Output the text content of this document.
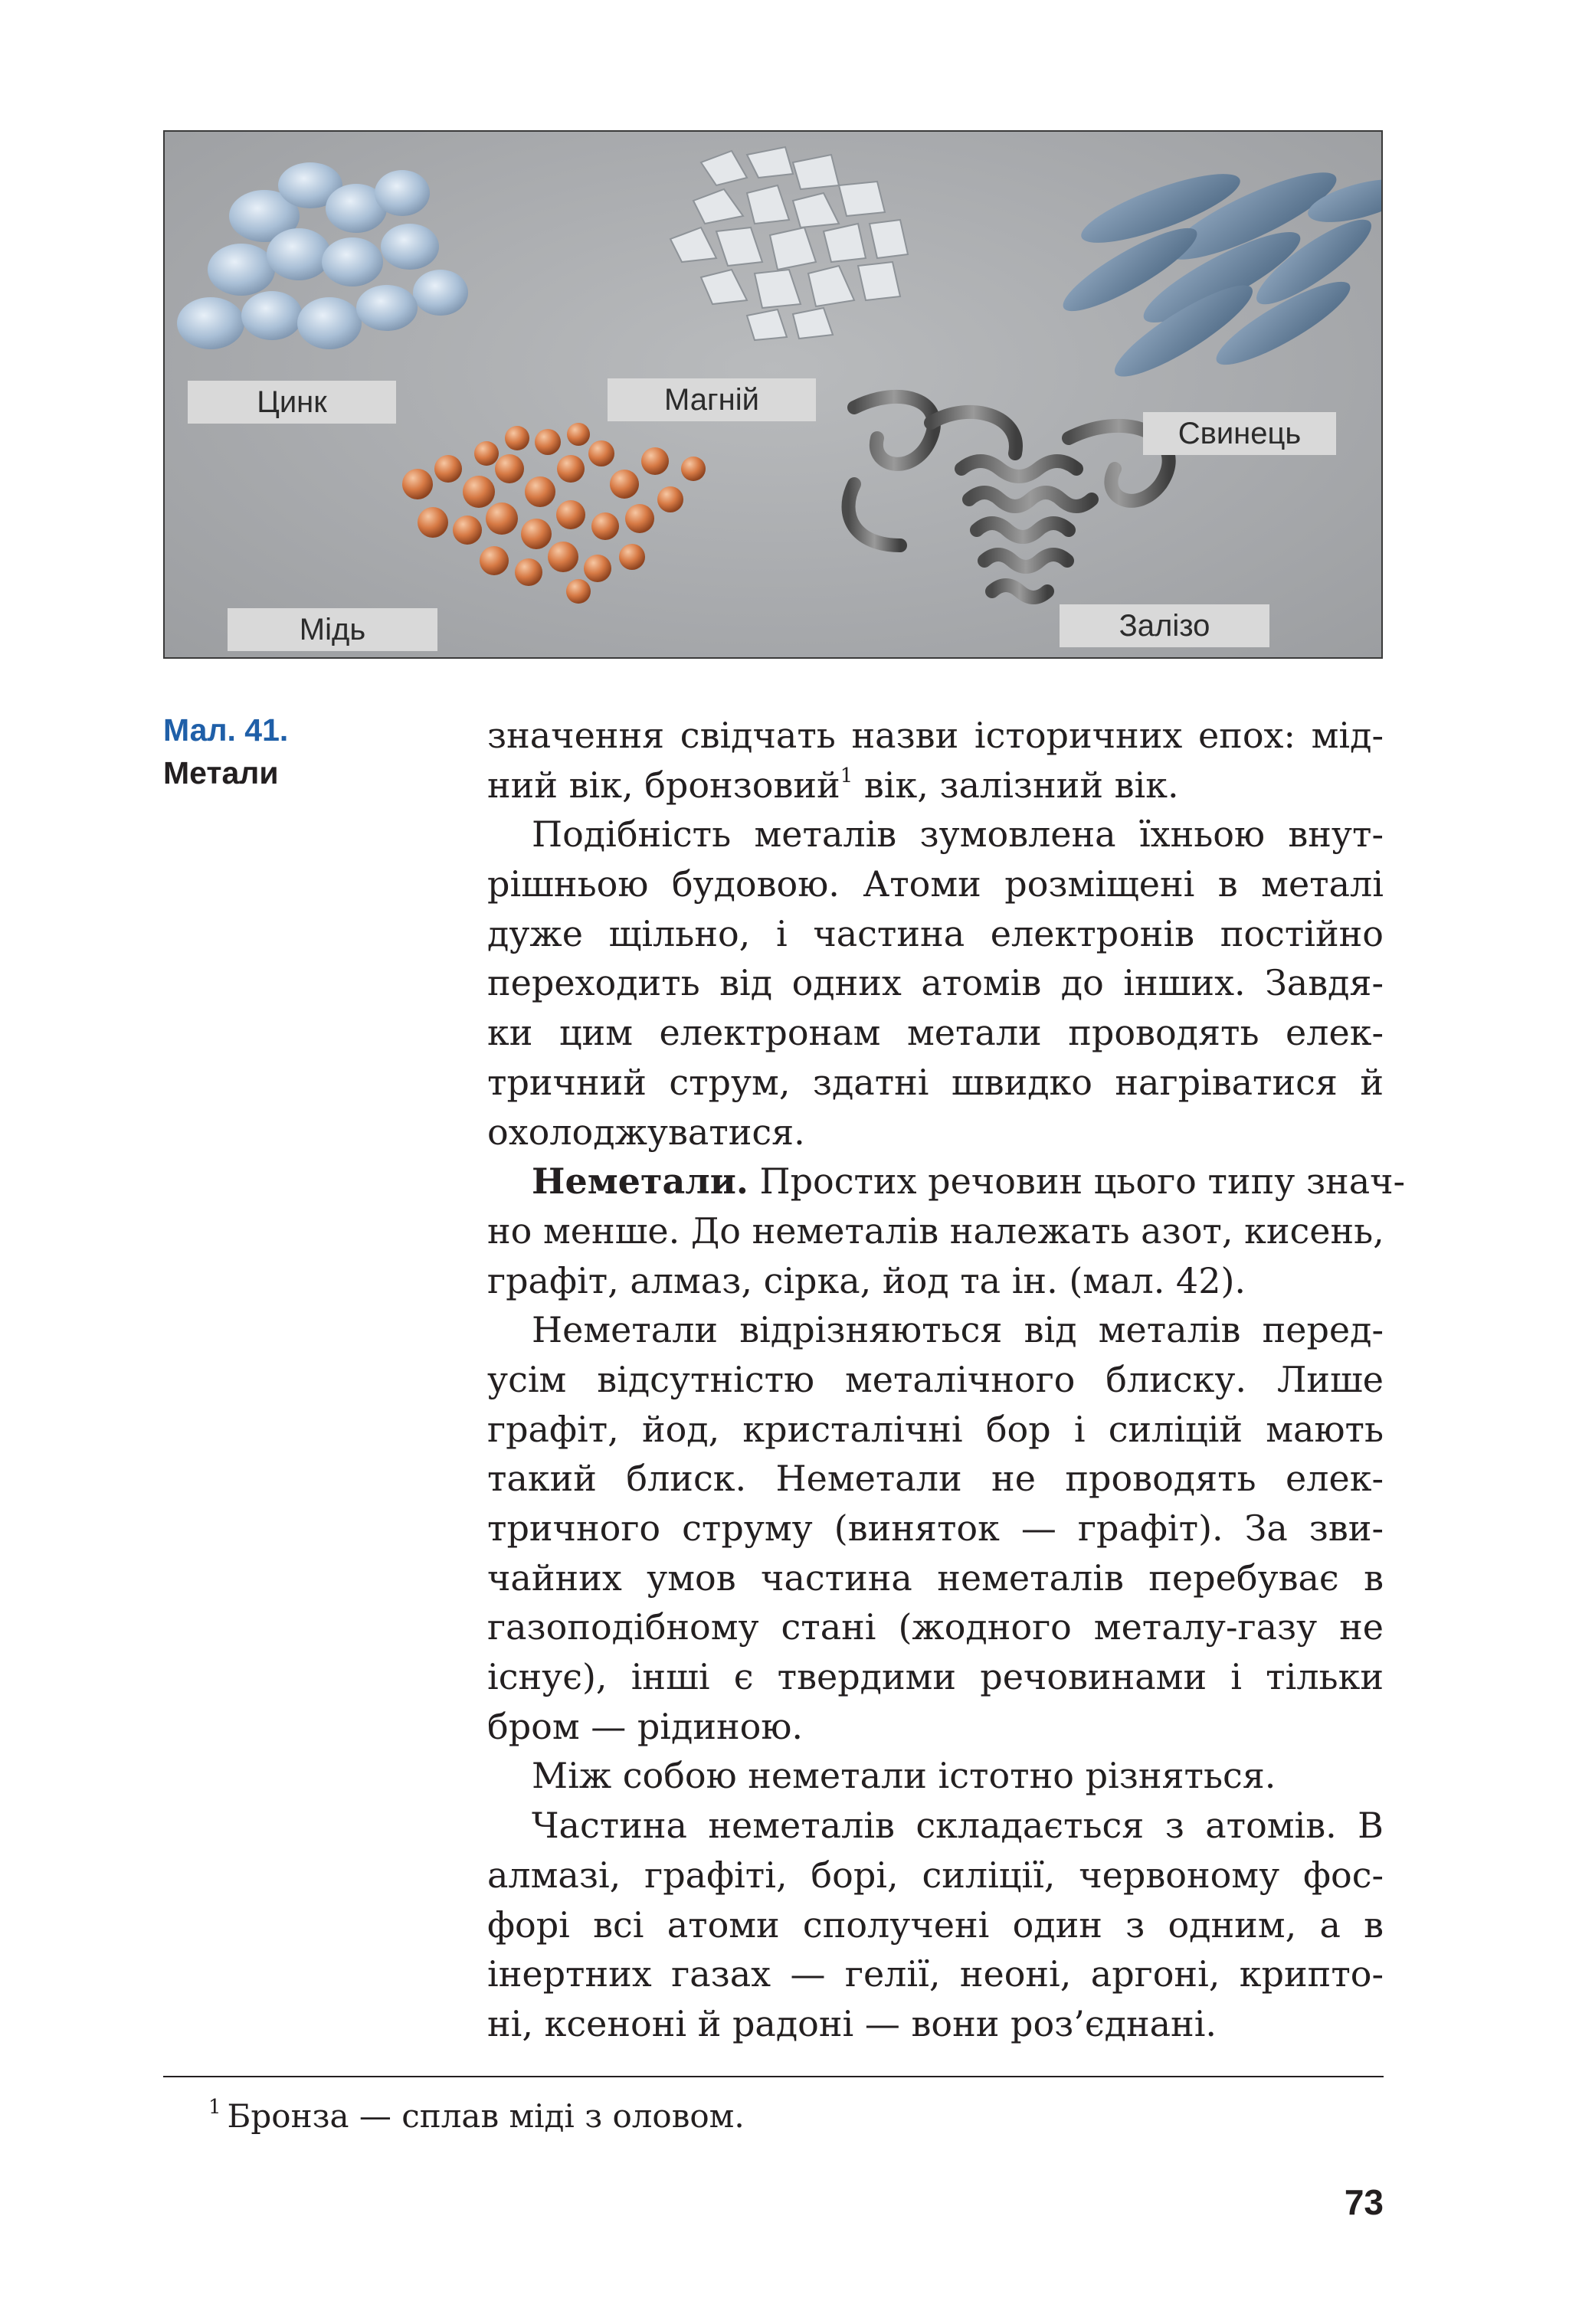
Цинк	Магній
Свинець
Мідь	Залізо
Мал. 41.
Метали
значення свідчать назви історичних епох: мід-
ний вік, бронзовий$^1$ вік, залізний вік.
Подібність металів зумовлена їхньою внут-
рішньою будовою. Атоми розміщені в металі
дуже щільно, і частина електронів постійно
переходить від одних атомів до інших. Завдя-
ки цим електронам метали проводять елек-
тричний струм, здатні швидко нагріватися й
охолоджуватися.
Неметали. Простих речовин цього типу знач-
но менше. До неметалів належать азот, кисень,
графіт, алмаз, сірка, йод та ін. (мал. 42).
Неметали відрізняються від металів перед-
усім відсутністю металічного блиску. Лише
графіт, йод, кристалічні бор і силіцій мають
такий блиск. Неметали не проводять елек-
тричного струму (виняток — графіт). За зви-
чайних умов частина неметалів перебуває в
газоподібному стані (жодного металу-газу не
існує), інші є твердими речовинами і тільки
бром — рідиною.
Між собою неметали істотно різняться.
Частина неметалів складається з атомів. В
алмазі, графіті, борі, силіції, червоному фос-
форі всі атоми сполучені один з одним, а в
інертних газах — гелії, неоні, аргоні, крипто-
ні, ксеноні й радоні — вони роз’єднані.
$^1$ Бронза — сплав міді з оловом.
73
